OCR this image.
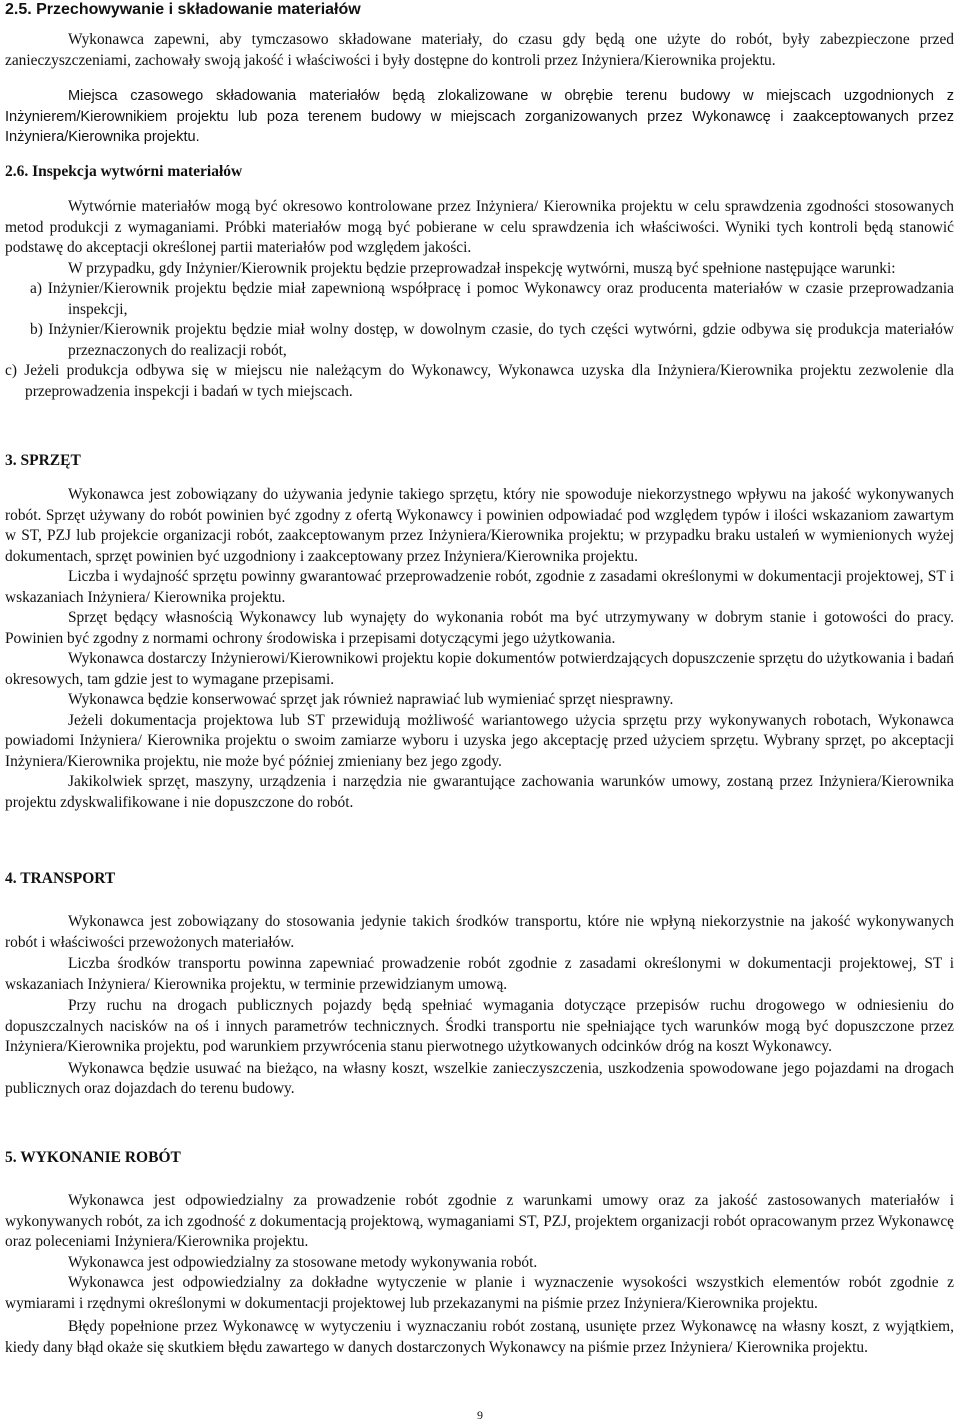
2.5. Przechowywanie i składowanie materiałów

Wykonawca zapewni, aby tymczasowo składowane materiały, do czasu gdy będą one użyte do robót, były zabezpieczone przed zanieczyszczeniami, zachowały swoją jakość i właściwości i były dostępne do kontroli przez Inżyniera/Kierownika projektu.

Miejsca czasowego składowania materiałów będą zlokalizowane w obrębie terenu budowy w miejscach uzgodnionych z Inżynierem/Kierownikiem projektu lub poza terenem budowy w miejscach zorganizowanych przez Wykonawcę i zaakceptowanych przez Inżyniera/Kierownika projektu.

2.6. Inspekcja wytwórni materiałów

Wytwórnie materiałów mogą być okresowo kontrolowane przez Inżyniera/ Kierownika projektu w celu sprawdzenia zgodności stosowanych metod produkcji z wymaganiami. Próbki materiałów mogą być pobierane w celu sprawdzenia ich właściwości. Wyniki tych kontroli będą stanowić podstawę do akceptacji określonej partii materiałów pod względem jakości.

W przypadku, gdy Inżynier/Kierownik projektu będzie przeprowadzał inspekcję wytwórni, muszą być spełnione następujące warunki:

a) Inżynier/Kierownik projektu będzie miał zapewnioną współpracę i pomoc Wykonawcy oraz producenta materiałów w czasie przeprowadzania inspekcji,

b) Inżynier/Kierownik projektu będzie miał wolny dostęp, w dowolnym czasie, do tych części wytwórni, gdzie odbywa się produkcja materiałów przeznaczonych do realizacji robót,

c) Jeżeli produkcja odbywa się w miejscu nie należącym do Wykonawcy, Wykonawca uzyska dla Inżyniera/Kierownika projektu zezwolenie dla przeprowadzenia inspekcji i badań w tych miejscach.

3. SPRZĘT

Wykonawca jest zobowiązany do używania jedynie takiego sprzętu, który nie spowoduje niekorzystnego wpływu na jakość wykonywanych robót. Sprzęt używany do robót powinien być zgodny z ofertą Wykonawcy i powinien odpowiadać pod względem typów i ilości wskazaniom zawartym w ST, PZJ lub projekcie organizacji robót, zaakceptowanym przez Inżyniera/Kierownika projektu; w przypadku braku ustaleń w wymienionych wyżej dokumentach, sprzęt powinien być uzgodniony i zaakceptowany przez Inżyniera/Kierownika projektu.

Liczba i wydajność sprzętu powinny gwarantować przeprowadzenie robót, zgodnie z zasadami określonymi w dokumentacji projektowej, ST i wskazaniach Inżyniera/ Kierownika projektu.

Sprzęt będący własnością Wykonawcy lub wynajęty do wykonania robót ma być utrzymywany w dobrym stanie i gotowości do pracy. Powinien być zgodny z normami ochrony środowiska i przepisami dotyczącymi jego użytkowania.

Wykonawca dostarczy Inżynierowi/Kierownikowi projektu kopie dokumentów potwierdzających dopuszczenie sprzętu do użytkowania i badań okresowych, tam gdzie jest to wymagane przepisami.

Wykonawca będzie konserwować sprzęt jak również naprawiać lub wymieniać sprzęt niesprawny.

Jeżeli dokumentacja projektowa lub ST przewidują możliwość wariantowego użycia sprzętu przy wykonywanych robotach, Wykonawca powiadomi Inżyniera/ Kierownika projektu o swoim zamiarze wyboru i uzyska jego akceptację przed użyciem sprzętu. Wybrany sprzęt, po akceptacji Inżyniera/Kierownika projektu, nie może być później zmieniany bez jego zgody.

Jakikolwiek sprzęt, maszyny, urządzenia i narzędzia nie gwarantujące zachowania warunków umowy, zostaną przez Inżyniera/Kierownika projektu zdyskwalifikowane i nie dopuszczone do robót.

4. TRANSPORT

Wykonawca jest zobowiązany do stosowania jedynie takich środków transportu, które nie wpłyną niekorzystnie na jakość wykonywanych robót i właściwości przewożonych materiałów.

Liczba środków transportu powinna zapewniać prowadzenie robót zgodnie z zasadami określonymi w dokumentacji projektowej, ST i wskazaniach Inżyniera/ Kierownika projektu, w terminie przewidzianym umową.

Przy ruchu na drogach publicznych pojazdy będą spełniać wymagania dotyczące przepisów ruchu drogowego w odniesieniu do dopuszczalnych nacisków na oś i innych parametrów technicznych. Środki transportu nie spełniające tych warunków mogą być dopuszczone przez Inżyniera/Kierownika projektu, pod warunkiem przywrócenia stanu pierwotnego użytkowanych odcinków dróg na koszt Wykonawcy.

Wykonawca będzie usuwać na bieżąco, na własny koszt, wszelkie zanieczyszczenia, uszkodzenia spowodowane jego pojazdami na drogach publicznych oraz dojazdach do terenu budowy.

5. WYKONANIE ROBÓT

Wykonawca jest odpowiedzialny za prowadzenie robót zgodnie z warunkami umowy oraz za jakość zastosowanych materiałów i wykonywanych robót, za ich zgodność z dokumentacją projektową, wymaganiami ST, PZJ, projektem organizacji robót opracowanym przez Wykonawcę oraz poleceniami Inżyniera/Kierownika projektu.

Wykonawca jest odpowiedzialny za stosowane metody wykonywania robót.

Wykonawca jest odpowiedzialny za dokładne wytyczenie w planie i wyznaczenie wysokości wszystkich elementów robót zgodnie z wymiarami i rzędnymi określonymi w dokumentacji projektowej lub przekazanymi na piśmie przez Inżyniera/Kierownika projektu.

Błędy popełnione przez Wykonawcę w wytyczeniu i wyznaczaniu robót zostaną, usunięte przez Wykonawcę na własny koszt, z wyjątkiem, kiedy dany błąd okaże się skutkiem błędu zawartego w danych dostarczonych Wykonawcy na piśmie przez Inżyniera/ Kierownika projektu.

9
